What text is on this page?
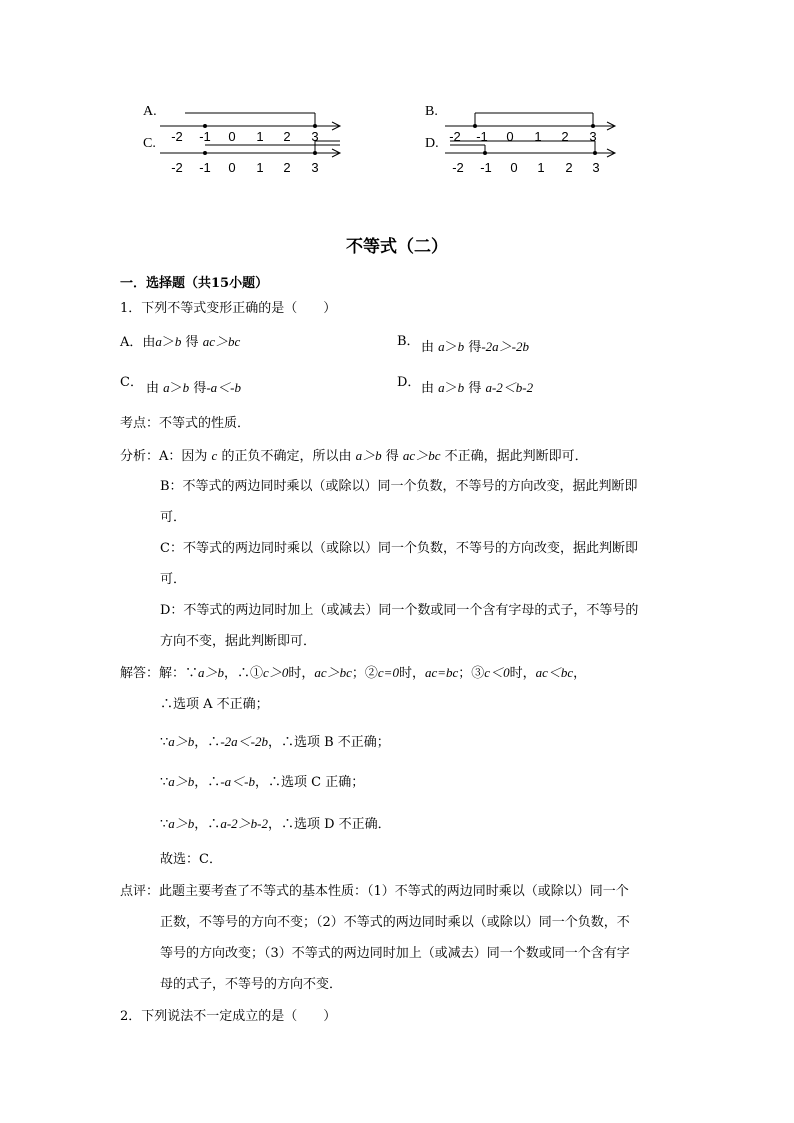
A.
C.
B.
D.
-2 -1 0 1 2 3
-2 -1 0 1 2 3
-2 -1 0 1 2 3
-2 -1 0 1 2 3
不等式（二）
一．选择题（共15小题）
1．下列不等式变形正确的是（　　）
A．由a＞b 得 ac＞bc	B． 由 a＞b 得-2a＞-2b
C． 由 a＞b 得-a＜-b	D． 由 a＞b 得 a-2＜b-2
考点：不等式的性质．
分析：A：因为 c 的正负不确定，所以由 a＞b 得 ac＞bc 不正确，据此判断即可．
B：不等式的两边同时乘以（或除以）同一个负数，不等号的方向改变，据此判断即
可．
C：不等式的两边同时乘以（或除以）同一个负数，不等号的方向改变，据此判断即
可．
D：不等式的两边同时加上（或减去）同一个数或同一个含有字母的式子，不等号的
方向不变，据此判断即可．
解答：解：∵a＞b，∴①c＞0时，ac＞bc；②c=0时，ac=bc；③c＜0时，ac＜bc，
∴选项 A 不正确；
∵a＞b，∴-2a＜-2b，∴选项 B 不正确；
∵a＞b，∴-a＜-b，∴选项 C 正确；
∵a＞b，∴a-2＞b-2，∴选项 D 不正确．
故选：C．
点评：此题主要考查了不等式的基本性质：（1）不等式的两边同时乘以（或除以）同一个
正数，不等号的方向不变；（2）不等式的两边同时乘以（或除以）同一个负数，不
等号的方向改变；（3）不等式的两边同时加上（或减去）同一个数或同一个含有字
母的式子，不等号的方向不变．
2．下列说法不一定成立的是（　　）
